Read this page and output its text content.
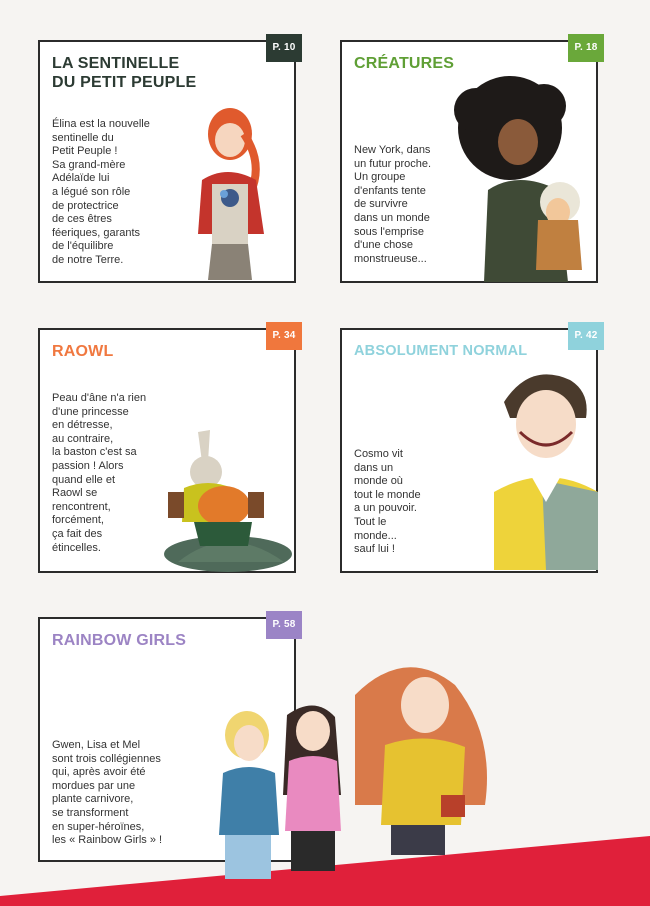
P. 10
LA SENTINELLE
DU PETIT PEUPLE
Élina est la nouvelle
sentinelle du
Petit Peuple !
Sa grand-mère
Adélaïde lui
a légué son rôle
de protectrice
de ces êtres
féeriques, garants
de l'équilibre
de notre Terre.
P. 18
CRÉATURES
New York, dans
un futur proche.
Un groupe
d'enfants tente
de survivre
dans un monde
sous l'emprise
d'une chose
monstrueuse...
P. 34
RAOWL
Peau d'âne n'a rien
d'une princesse
en détresse,
au contraire,
la baston c'est sa
passion ! Alors
quand elle et
Raowl se
rencontrent,
forcément,
ça fait des
étincelles.
P. 42
ABSOLUMENT NORMAL
Cosmo vit
dans un
monde où
tout le monde
a un pouvoir.
Tout le
monde...
sauf lui !
P. 58
RAINBOW GIRLS
Gwen, Lisa et Mel
sont trois collégiennes
qui, après avoir été
mordues par une
plante carnivore,
se transforment
en super-héroïnes,
les « Rainbow Girls » !
